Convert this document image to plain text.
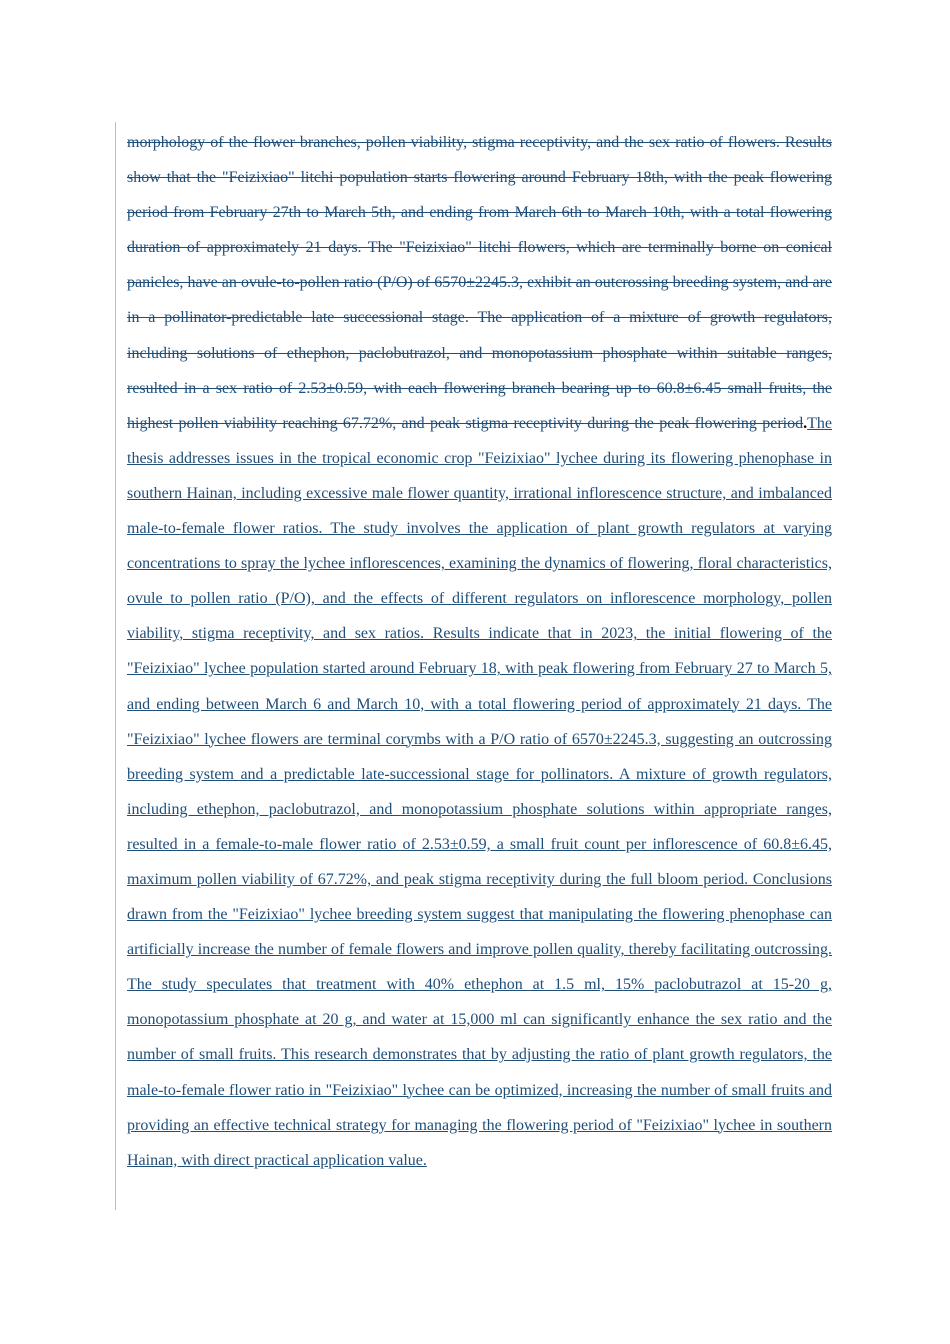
morphology of the flower branches, pollen viability, stigma receptivity, and the sex ratio of flowers. Results show that the "Feizixiao" litchi population starts flowering around February 18th, with the peak flowering period from February 27th to March 5th, and ending from March 6th to March 10th, with a total flowering duration of approximately 21 days. The "Feizixiao" litchi flowers, which are terminally borne on conical panicles, have an ovule-to-pollen ratio (P/O) of 6570±2245.3, exhibit an outcrossing breeding system, and are in a pollinator-predictable late successional stage. The application of a mixture of growth regulators, including solutions of ethephon, paclobutrazol, and monopotassium phosphate within suitable ranges, resulted in a sex ratio of 2.53±0.59, with each flowering branch bearing up to 60.8±6.45 small fruits, the highest pollen viability reaching 67.72%, and peak stigma receptivity during the peak flowering period.The thesis addresses issues in the tropical economic crop "Feizixiao" lychee during its flowering phenophase in southern Hainan, including excessive male flower quantity, irrational inflorescence structure, and imbalanced male-to-female flower ratios. The study involves the application of plant growth regulators at varying concentrations to spray the lychee inflorescences, examining the dynamics of flowering, floral characteristics, ovule to pollen ratio (P/O), and the effects of different regulators on inflorescence morphology, pollen viability, stigma receptivity, and sex ratios. Results indicate that in 2023, the initial flowering of the "Feizixiao" lychee population started around February 18, with peak flowering from February 27 to March 5, and ending between March 6 and March 10, with a total flowering period of approximately 21 days. The "Feizixiao" lychee flowers are terminal corymbs with a P/O ratio of 6570±2245.3, suggesting an outcrossing breeding system and a predictable late-successional stage for pollinators. A mixture of growth regulators, including ethephon, paclobutrazol, and monopotassium phosphate solutions within appropriate ranges, resulted in a female-to-male flower ratio of 2.53±0.59, a small fruit count per inflorescence of 60.8±6.45, maximum pollen viability of 67.72%, and peak stigma receptivity during the full bloom period. Conclusions drawn from the "Feizixiao" lychee breeding system suggest that manipulating the flowering phenophase can artificially increase the number of female flowers and improve pollen quality, thereby facilitating outcrossing. The study speculates that treatment with 40% ethephon at 1.5 ml, 15% paclobutrazol at 15-20 g, monopotassium phosphate at 20 g, and water at 15,000 ml can significantly enhance the sex ratio and the number of small fruits. This research demonstrates that by adjusting the ratio of plant growth regulators, the male-to-female flower ratio in "Feizixiao" lychee can be optimized, increasing the number of small fruits and providing an effective technical strategy for managing the flowering period of "Feizixiao" lychee in southern Hainan, with direct practical application value.
